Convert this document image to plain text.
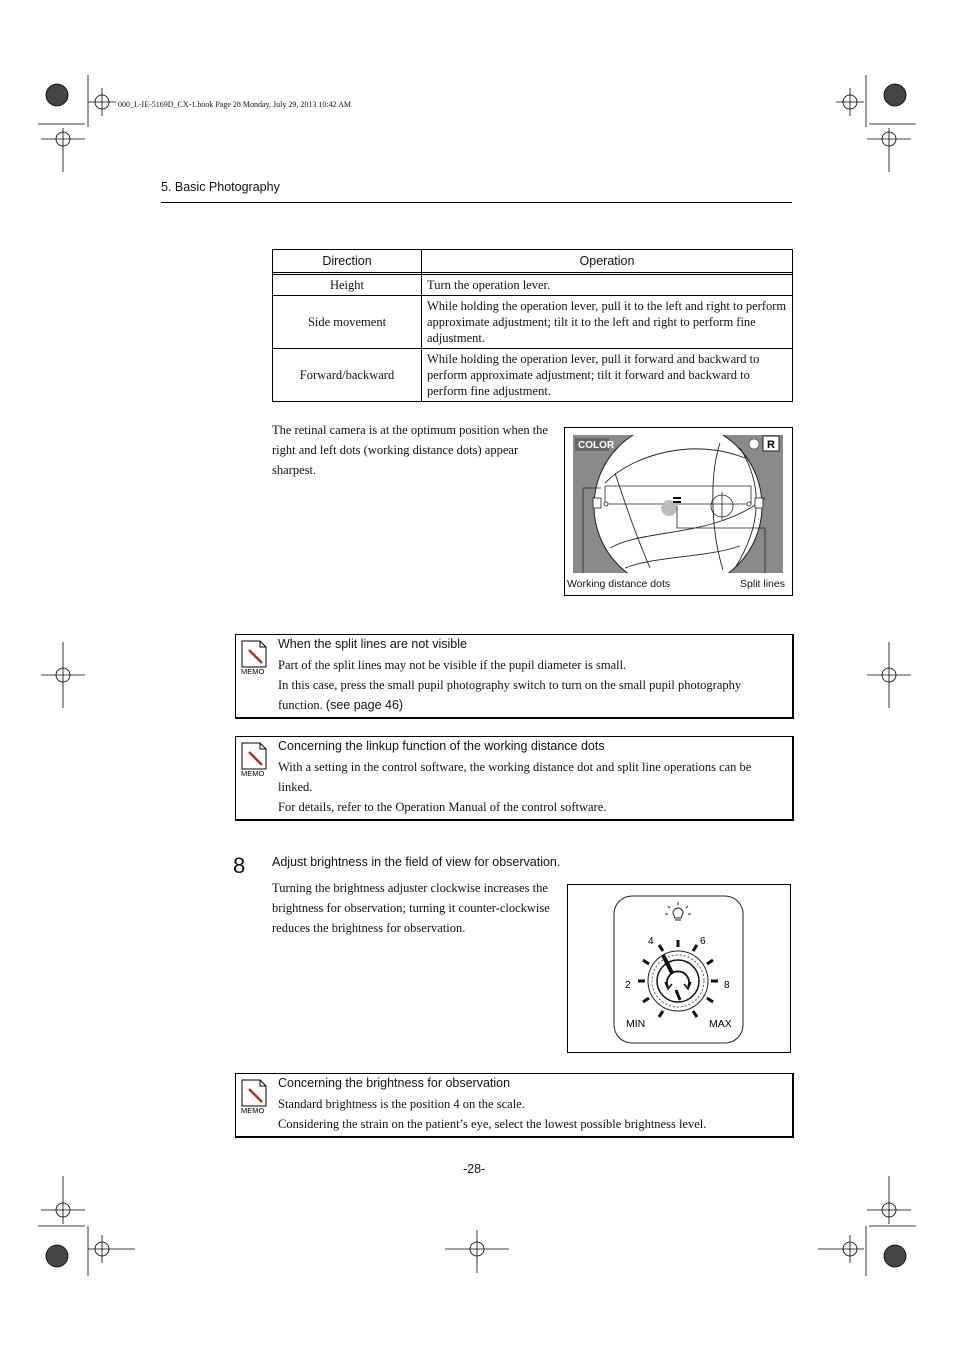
000_L-IE-5169D_CX-1.book Page 28 Monday, July 29, 2013 10:42 AM
5. Basic Photography
Direction	Operation

Height	Turn the operation lever.
Side movement	While holding the operation lever, pull it to the left and right to perform approximate adjustment; tilt it to the left and right to perform fine adjustment.
Forward/backward	While holding the operation lever, pull it forward and backward to perform approximate adjustment; tilt it forward and backward to perform fine adjustment.
The retinal camera is at the optimum position when the right and left dots (working distance dots) appear sharpest.
COLOR	R
Working distance dots	Split lines
MEMO
When the split lines are not visible
Part of the split lines may not be visible if the pupil diameter is small.
In this case, press the small pupil photography switch to turn on the small pupil photography
function. (see page 46)
MEMO
Concerning the linkup function of the working distance dots
With a setting in the control software, the working distance dot and split line operations can be
linked.
For details, refer to the Operation Manual of the control software.
8 Adjust brightness in the field of view for observation.
Turning the brightness adjuster clockwise increases the brightness for observation; turning it counter-clockwise reduces the brightness for observation.
4	6
2	8
MIN	MAX
MEMO
Concerning the brightness for observation
Standard brightness is the position 4 on the scale.
Considering the strain on the patient’s eye, select the lowest possible brightness level.
-28-
